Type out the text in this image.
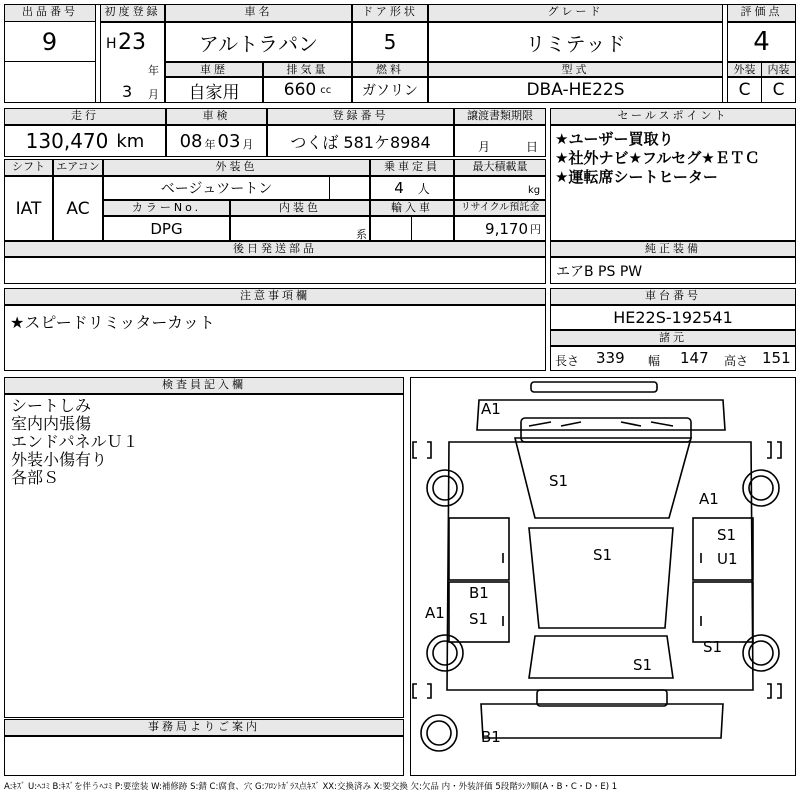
出品番号
9
初度登録
H 23
年
3 月
車名
アルトラパン
ドア形状
5
グレード
リミテッド
評価点
4
外装	内装
C	C
車歴
自家用
排気量
660 cc
燃料
ガソリン
型式
DBA-HE22S
走行
130,470 km
車検
08 年 03 月
登録番号
つくば 581ケ8984
譲渡書類期限
月	日
シフト
IAT
エアコン
AC
外装色
ベージュツートン
乗車定員
4 人
最大積載量
kg
カラーNo.
DPG
内装色
系
輸入車	リサイクル預託金
9,170 円
後日発送部品
セールスポイント
★ユーザー買取り
★社外ナビ★フルセグ★ＥＴＣ
★運転席シートヒーター
純正装備
エアB PS PW
注意事項欄
★スピードリミッターカット
車台番号
HE22S-192541
諸元
長さ 339 幅 147 高さ 151
検査員記入欄
シートしみ
室内内張傷
エンドパネルＵ１
外装小傷有り
各部Ｓ
事務局よりご案内
A1
S1
A1
S1
U1
S1
B1
S1
A1
S1
S1
B1
A:ｷｽﾞ U:ﾍｺﾐ B:ｷｽﾞを伴うﾍｺﾐ P:要塗装 W:補修跡 S:錆 C:腐食、穴 G:ﾌﾛﾝﾄｶﾞﾗｽ点ｷｽﾞ XX:交換済み X:要交換 欠:欠品 内・外装評価 5段階ﾗﾝｸ順(A・B・C・D・E) 1
